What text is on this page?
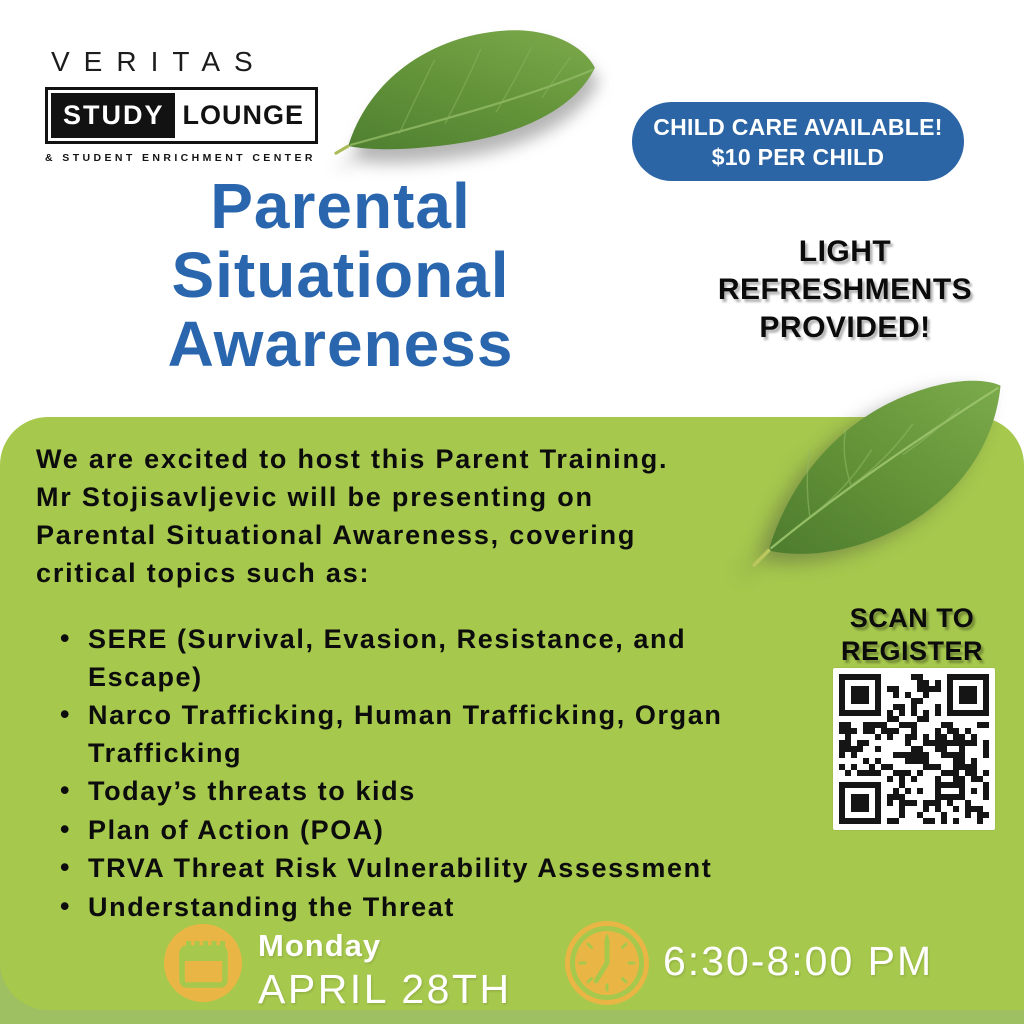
VERITAS
STUDY LOUNGE
& STUDENT ENRICHMENT CENTER
CHILD CARE AVAILABLE!
$10 PER CHILD
LIGHT
REFRESHMENTS
PROVIDED!
Parental
Situational
Awareness
We are excited to host this Parent Training.
Mr Stojisavljevic will be presenting on
Parental Situational Awareness, covering
critical topics such as:
• SERE (Survival, Evasion, Resistance, and Escape)
• Narco Trafficking, Human Trafficking, Organ Trafficking
• Today’s threats to kids
• Plan of Action (POA)
• TRVA Threat Risk Vulnerability Assessment
• Understanding the Threat
SCAN TO
REGISTER
Monday
APRIL 28TH
6:30-8:00 PM
